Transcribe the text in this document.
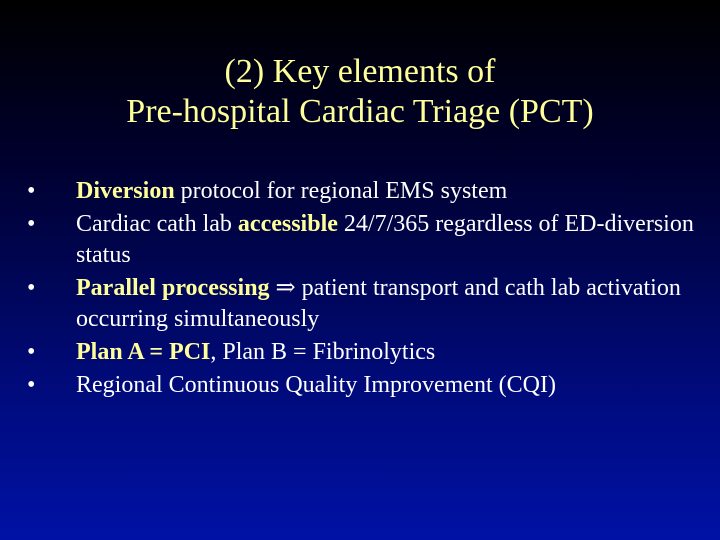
(2) Key elements of
Pre-hospital Cardiac Triage (PCT)
• Diversion protocol for regional EMS system
• Cardiac cath lab accessible 24/7/365 regardless of ED-diversion status
• Parallel processing ⇒ patient transport and cath lab activation occurring simultaneously
• Plan A = PCI, Plan B = Fibrinolytics
• Regional Continuous Quality Improvement (CQI)
